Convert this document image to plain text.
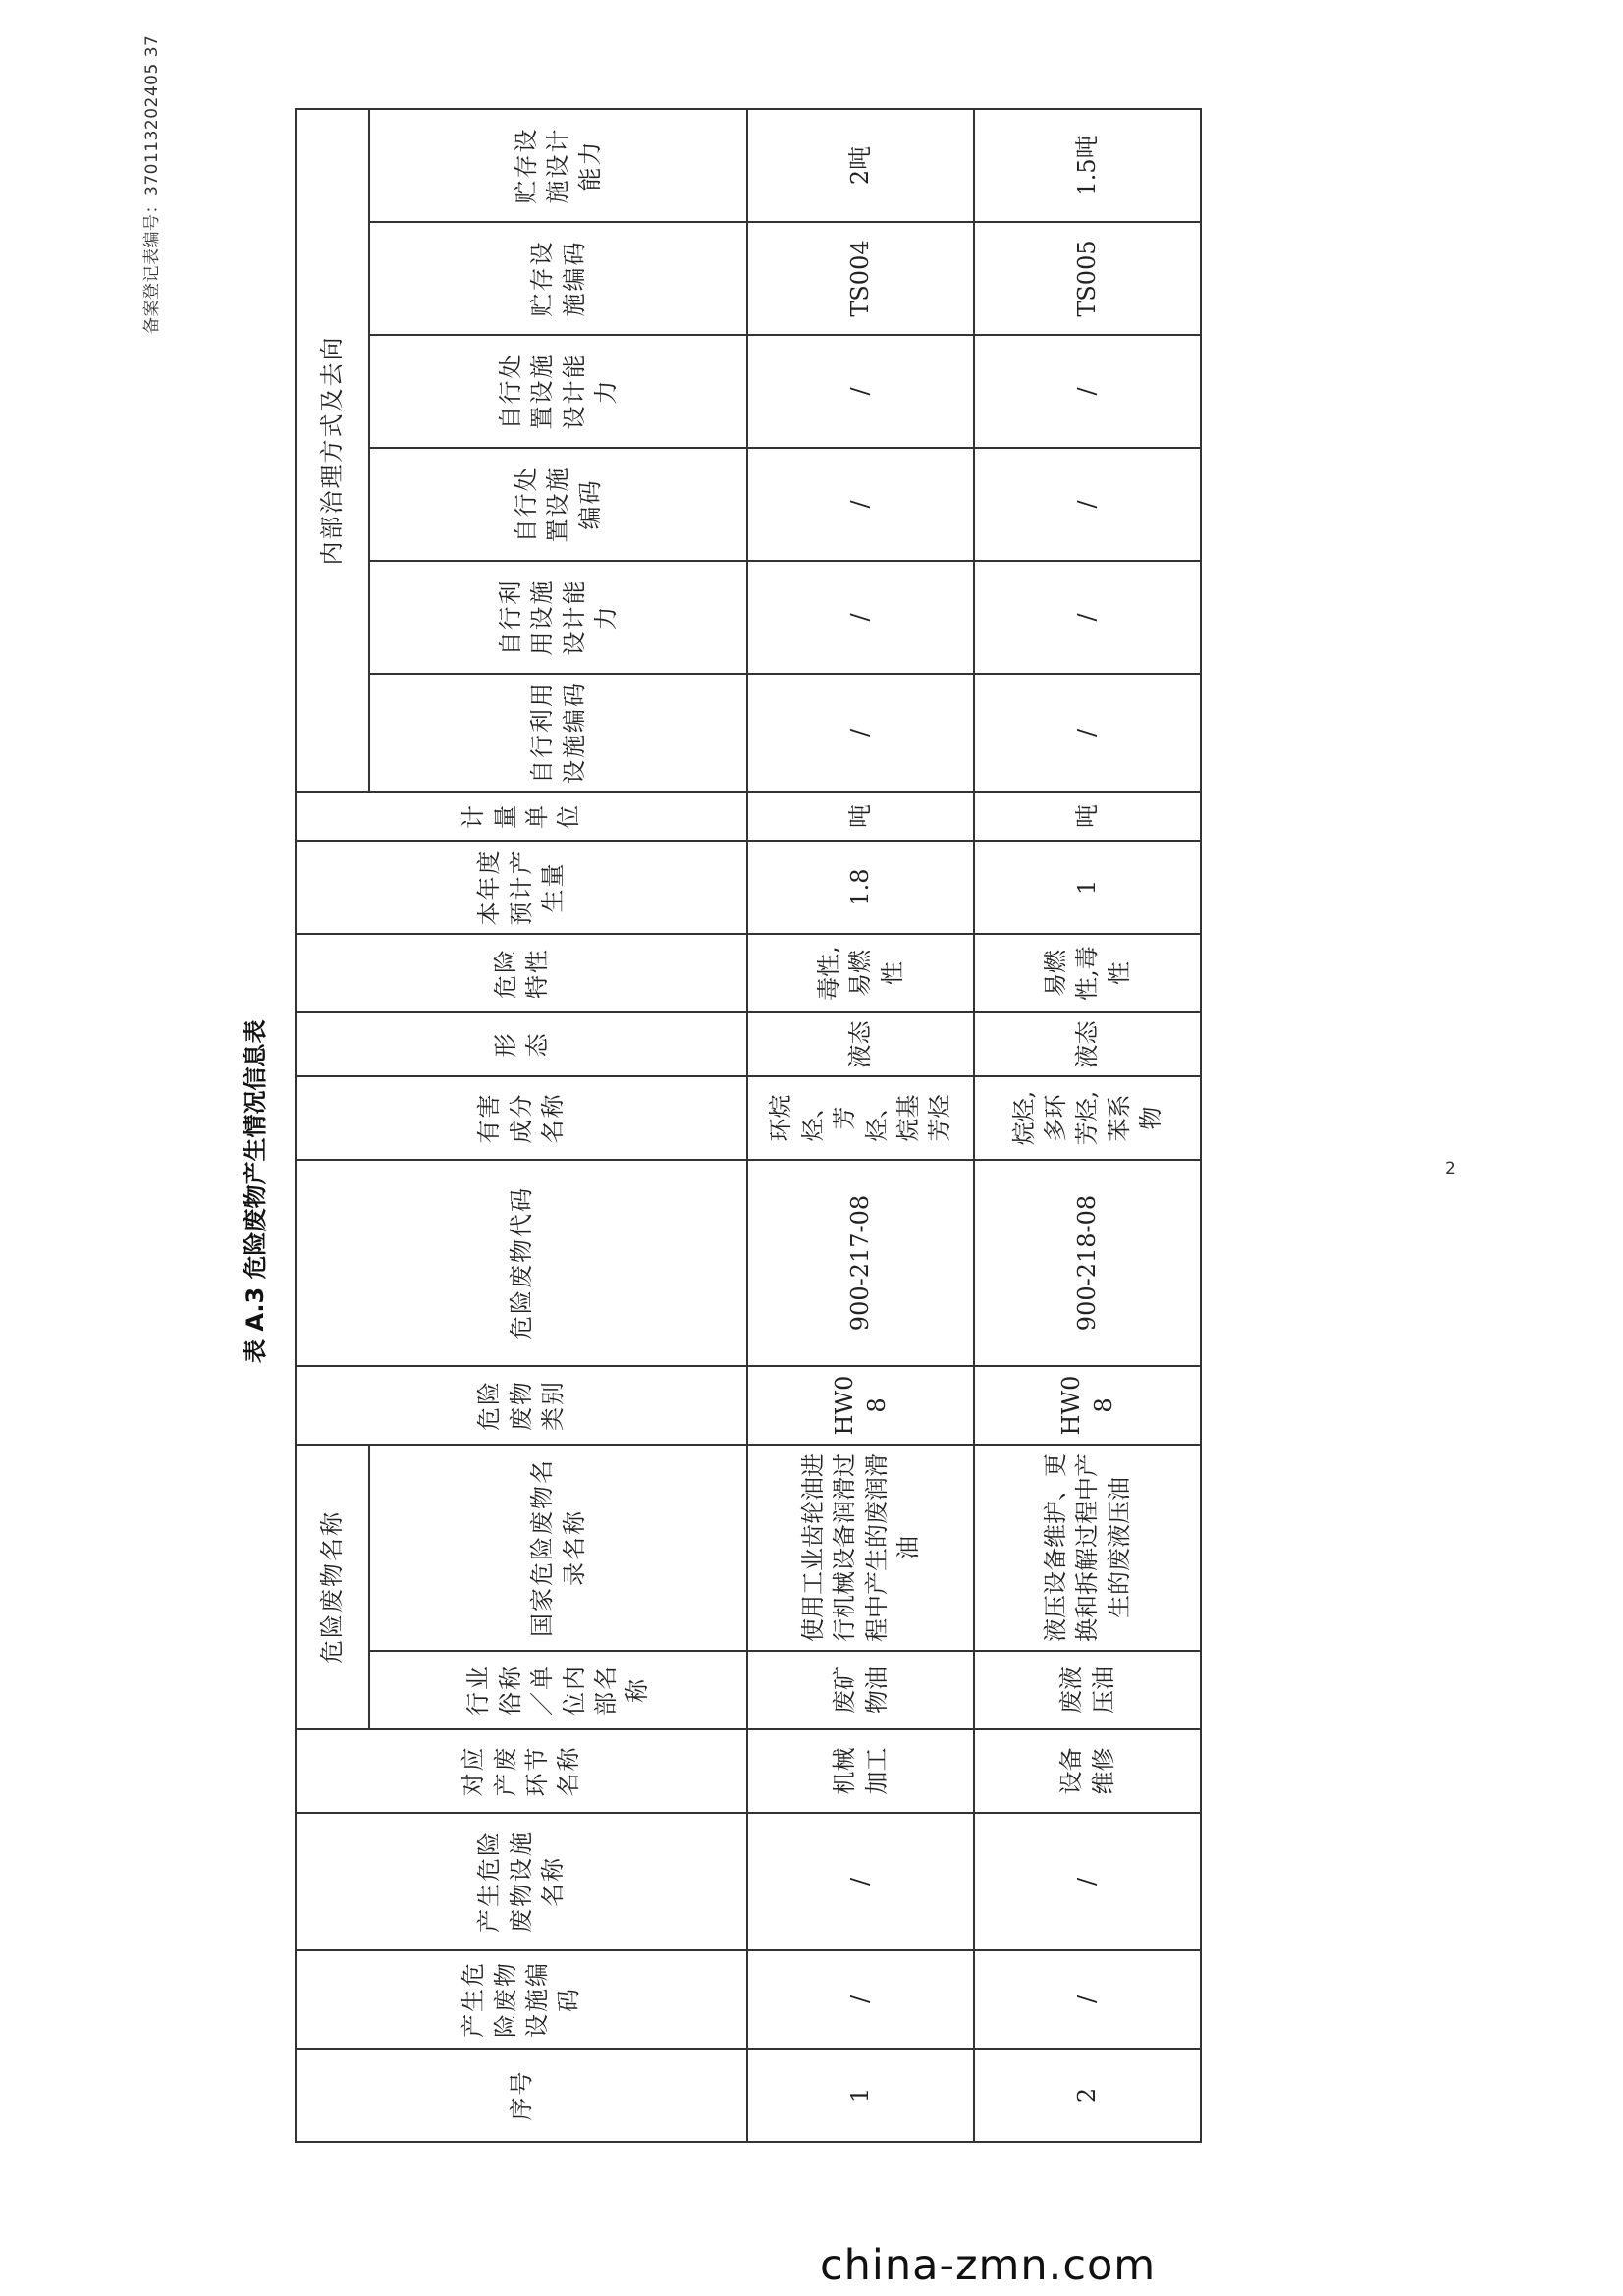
备案登记表编号：370113202405 37
表 A.3 危险废物产生情况信息表	2
china-zmn.com
序号	产生危险废物设施编码	产生危险废物设施名称	对应产废环节名称	危险废物名称		危险废物类别	危险废物代码	有害成分名称	形态	危险特性	本年度预计产生量	计量单位	内部治理方式及去向					
				行业俗称／单位内部名称	国家危险废物名录名称								自行利用设施编码	自行利用设施设计能力	自行处置设施编码	自行处置设施设计能力	贮存设施编码	贮存设施设计能力
1	/	/	机械加工	废矿物油	使用工业齿轮油进行机械设备润滑过程中产生的废润滑油	HW08	900-217-08	环烷烃、芳烃、烷基芳烃	液态	毒性,易燃性	1.8	吨	/	/	/	/	TS004	2吨
2	/	/	设备维修	废液压油	液压设备维护、更换和拆解过程中产生的废液压油	HW08	900-218-08	烷烃,多环芳烃,苯系物	液态	易燃性,毒性	1	吨	/	/	/	/	TS005	1.5吨
